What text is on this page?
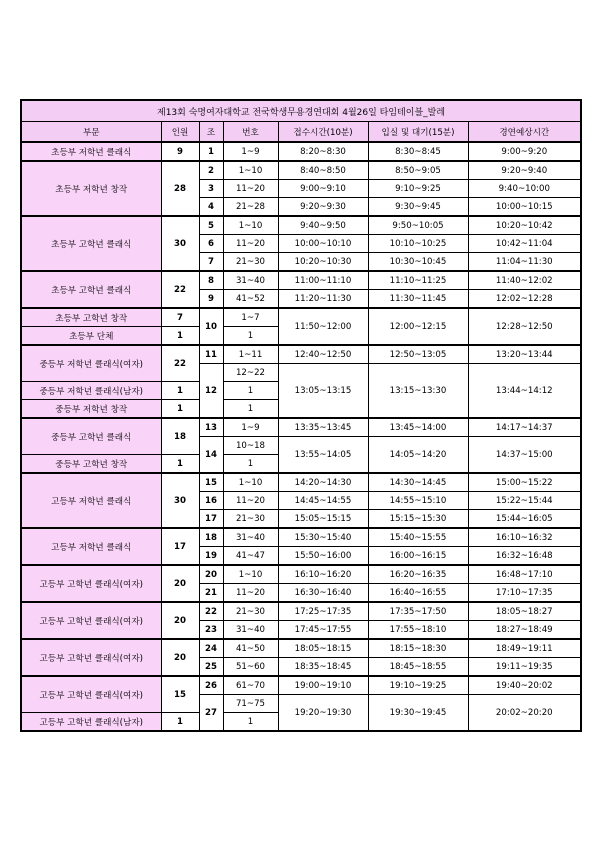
제13회 숙명여자대학교 전국학생무용경연대회 4월26일 타임테이블_발레						
부문	인원	조	번호	접수시간(10분)	입실 및 대기(15분)	경연예상시간
초등부 저학년 클래식	9	1	1~9	8:20~8:30	8:30~8:45	9:00~9:20
초등부 저학년 창작	28	2	1~10	8:40~8:50	8:50~9:05	9:20~9:40
		3	11~20	9:00~9:10	9:10~9:25	9:40~10:00
		4	21~28	9:20~9:30	9:30~9:45	10:00~10:15
초등부 고학년 클래식	30	5	1~10	9:40~9:50	9:50~10:05	10:20~10:42
		6	11~20	10:00~10:10	10:10~10:25	10:42~11:04
		7	21~30	10:20~10:30	10:30~10:45	11:04~11:30
초등부 고학년 클래식	22	8	31~40	11:00~11:10	11:10~11:25	11:40~12:02
		9	41~52	11:20~11:30	11:30~11:45	12:02~12:28
초등부 고학년 창작	7	10	1~7	11:50~12:00	12:00~12:15	12:28~12:50
초등부 단체	1		1			
중등부 저학년 클래식(여자)	22	11	1~11	12:40~12:50	12:50~13:05	13:20~13:44
		12	12~22	13:05~13:15	13:15~13:30	13:44~14:12
중등부 저학년 클래식(남자)	1		1			
중등부 저학년 창작	1		1			
중등부 고학년 클래식	18	13	1~9	13:35~13:45	13:45~14:00	14:17~14:37
		14	10~18	13:55~14:05	14:05~14:20	14:37~15:00
중등부 고학년 창작	1		1			
고등부 저학년 클래식	30	15	1~10	14:20~14:30	14:30~14:45	15:00~15:22
		16	11~20	14:45~14:55	14:55~15:10	15:22~15:44
		17	21~30	15:05~15:15	15:15~15:30	15:44~16:05
고등부 저학년 클래식	17	18	31~40	15:30~15:40	15:40~15:55	16:10~16:32
		19	41~47	15:50~16:00	16:00~16:15	16:32~16:48
고등부 고학년 클래식(여자)	20	20	1~10	16:10~16:20	16:20~16:35	16:48~17:10
		21	11~20	16:30~16:40	16:40~16:55	17:10~17:35
고등부 고학년 클래식(여자)	20	22	21~30	17:25~17:35	17:35~17:50	18:05~18:27
		23	31~40	17:45~17:55	17:55~18:10	18:27~18:49
고등부 고학년 클래식(여자)	20	24	41~50	18:05~18:15	18:15~18:30	18:49~19:11
		25	51~60	18:35~18:45	18:45~18:55	19:11~19:35
고등부 고학년 클래식(여자)	15	26	61~70	19:00~19:10	19:10~19:25	19:40~20:02
		27	71~75	19:20~19:30	19:30~19:45	20:02~20:20
고등부 고학년 클래식(남자)	1		1			
